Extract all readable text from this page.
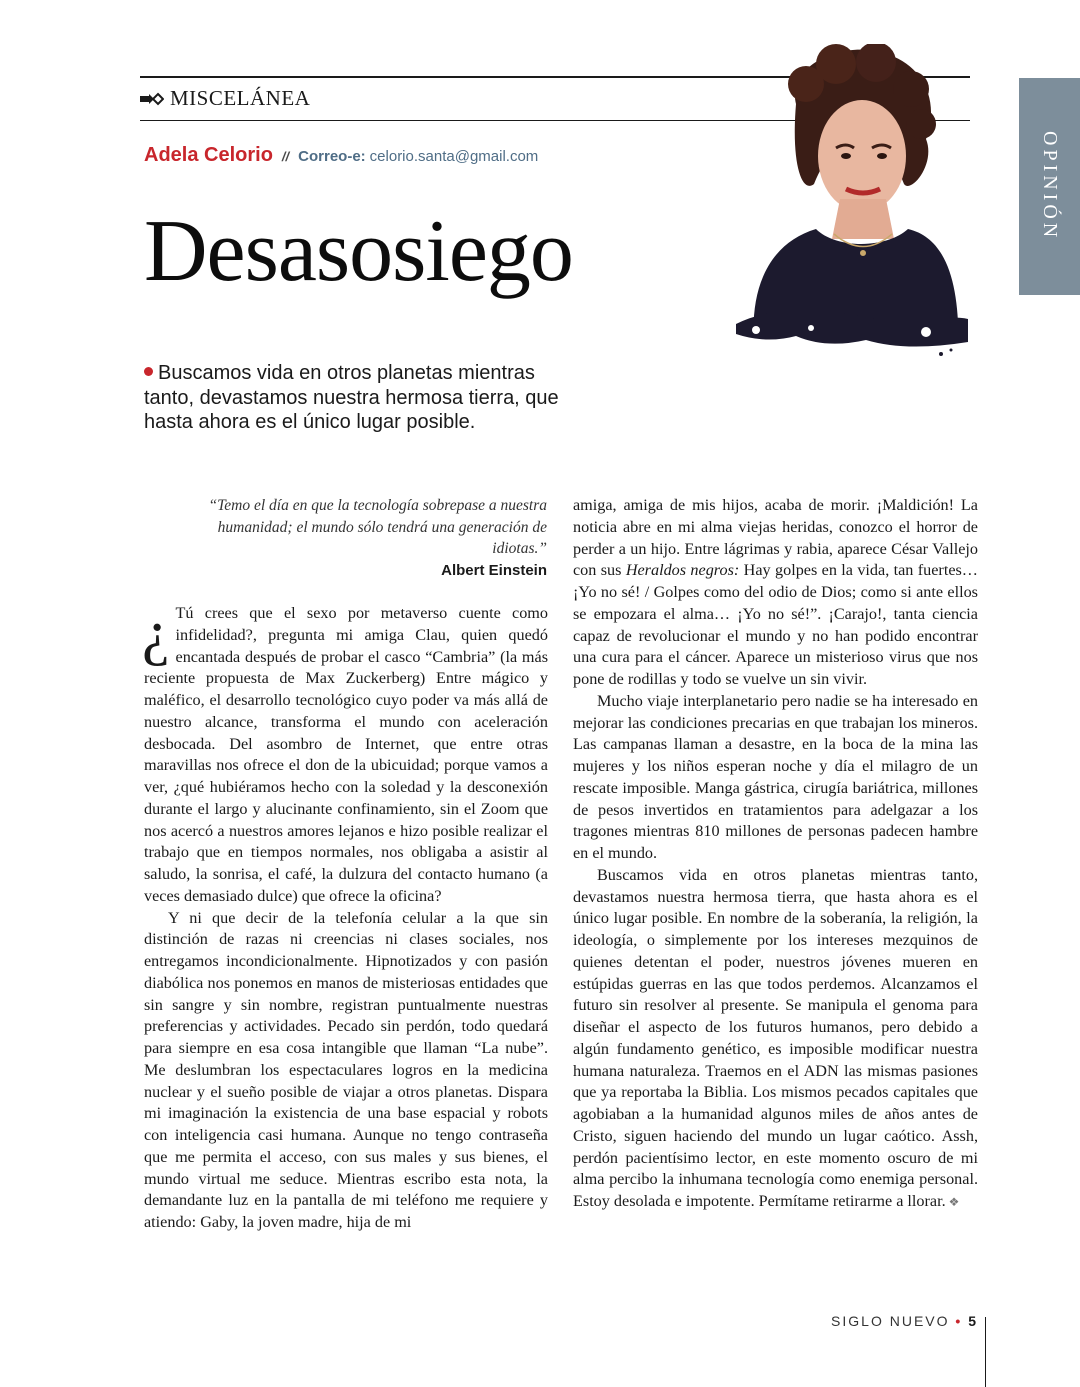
MISCELÁNEA
Adela Celorio // Correo-e: celorio.santa@gmail.com
Desasosiego
Buscamos vida en otros planetas mientras tanto, devastamos nuestra hermosa tierra, que hasta ahora es el único lugar posible.
OPINIÓN
“Temo el día en que la tecnología sobrepase a nuestra humanidad; el mundo sólo tendrá una generación de idiotas.”
Albert Einstein

¿ Tú crees que el sexo por metaverso cuente como infidelidad?, pregunta mi amiga Clau, quien quedó encantada después de probar el casco “Cambria” (la más reciente propuesta de Max Zuckerberg) Entre mágico y maléfico, el desarrollo tecnológico cuyo poder va más allá de nuestro alcance, transforma el mundo con aceleración desbocada. Del asombro de Internet, que entre otras maravillas nos ofrece el don de la ubicuidad; porque vamos a ver, ¿qué hubiéramos hecho con la soledad y la desconexión durante el largo y alucinante confinamiento, sin el Zoom que nos acercó a nuestros amores lejanos e hizo posible realizar el trabajo que en tiempos normales, nos obligaba a asistir al saludo, la sonrisa, el café, la dulzura del contacto humano (a veces demasiado dulce) que ofrece la oficina?

Y ni que decir de la telefonía celular a la que sin distinción de razas ni creencias ni clases sociales, nos entregamos incondicionalmente. Hipnotizados y con pasión diabólica nos ponemos en manos de misteriosas entidades que sin sangre y sin nombre, registran puntualmente nuestras preferencias y actividades. Pecado sin perdón, todo quedará para siempre en esa cosa intangible que llaman “La nube”. Me deslumbran los espectaculares logros en la medicina nuclear y el sueño posible de viajar a otros planetas. Dispara mi imaginación la existencia de una base espacial y robots con inteligencia casi humana. Aunque no tengo contraseña que me permita el acceso, con sus males y sus bienes, el mundo virtual me seduce. Mientras escribo esta nota, la demandante luz en la pantalla de mi teléfono me requiere y atiendo: Gaby, la joven madre, hija de mi

amiga, amiga de mis hijos, acaba de morir. ¡Maldición! La noticia abre en mi alma viejas heridas, conozco el horror de perder a un hijo. Entre lágrimas y rabia, aparece César Vallejo con sus Heraldos negros: Hay golpes en la vida, tan fuertes… ¡Yo no sé! / Golpes como del odio de Dios; como si ante ellos se empozara el alma… ¡Yo no sé!”. ¡Carajo!, tanta ciencia capaz de revolucionar el mundo y no han podido encontrar una cura para el cáncer. Aparece un misterioso virus que nos pone de rodillas y todo se vuelve un sin vivir.

Mucho viaje interplanetario pero nadie se ha interesado en mejorar las condiciones precarias en que trabajan los mineros. Las campanas llaman a desastre, en la boca de la mina las mujeres y los niños esperan noche y día el milagro de un rescate imposible. Manga gástrica, cirugía bariátrica, millones de pesos invertidos en tratamientos para adelgazar a los tragones mientras 810 millones de personas padecen hambre en el mundo.

Buscamos vida en otros planetas mientras tanto, devastamos nuestra hermosa tierra, que hasta ahora es el único lugar posible. En nombre de la soberanía, la religión, la ideología, o simplemente por los intereses mezquinos de quienes detentan el poder, nuestros jóvenes mueren en estúpidas guerras en las que todos perdemos. Alcanzamos el futuro sin resolver al presente. Se manipula el genoma para diseñar el aspecto de los futuros humanos, pero debido a algún fundamento genético, es imposible modificar nuestra humana naturaleza. Traemos en el ADN las mismas pasiones que ya reportaba la Biblia. Los mismos pecados capitales que agobiaban a la humanidad algunos miles de años antes de Cristo, siguen haciendo del mundo un lugar caótico. Assh, perdón pacientísimo lector, en este momento oscuro de mi alma percibo la inhumana tecnología como enemiga personal. Estoy desolada e impotente. Permítame retirarme a llorar. ❖

SIGLO NUEVO • 5
